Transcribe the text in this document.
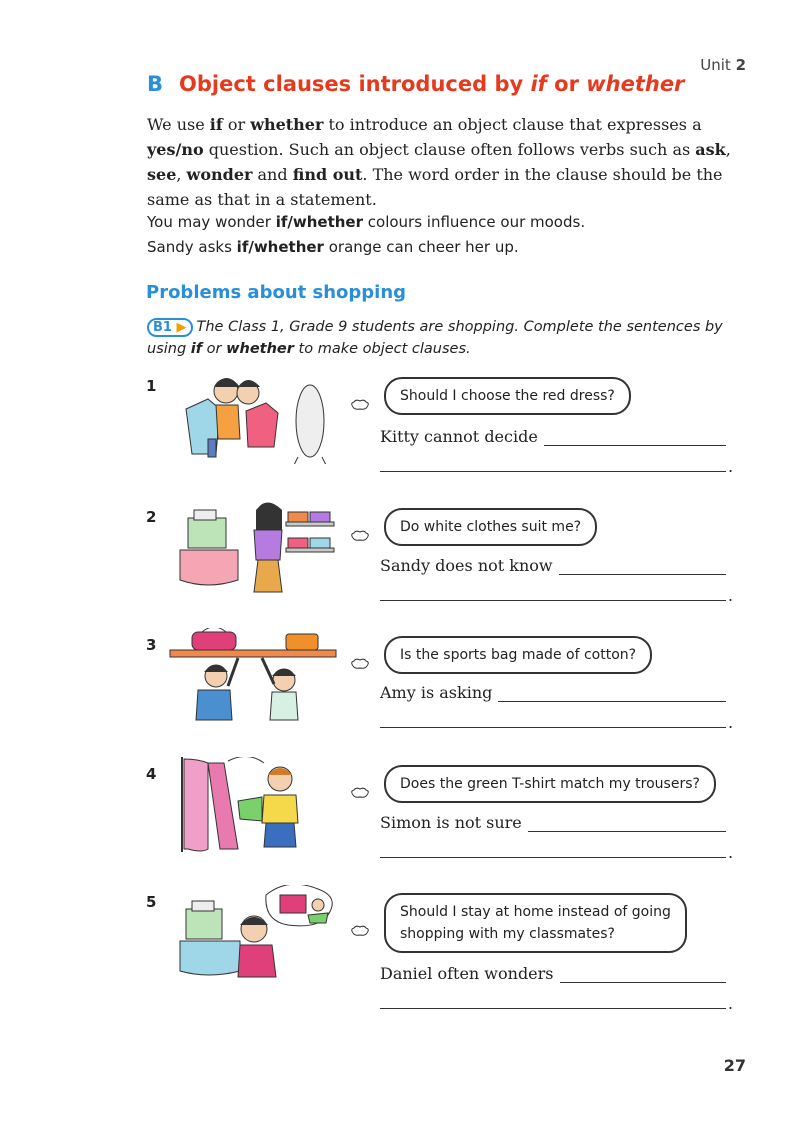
Unit 2
B Object clauses introduced by if or whether
We use if or whether to introduce an object clause that expresses a yes/no question. Such an object clause often follows verbs such as ask, see, wonder and find out. The word order in the clause should be the same as that in a statement.
You may wonder if/whether colours influence our moods.
Sandy asks if/whether orange can cheer her up.
Problems about shopping
B1 ▶ The Class 1, Grade 9 students are shopping. Complete the sentences by using if or whether to make object clauses.
1
Should I choose the red dress?
Kitty cannot decide
.
2
Do white clothes suit me?
Sandy does not know
.
3
Is the sports bag made of cotton?
Amy is asking
.
4
Does the green T-shirt match my trousers?
Simon is not sure
.
5
Should I stay at home instead of going
shopping with my classmates?
Daniel often wonders
.
27
